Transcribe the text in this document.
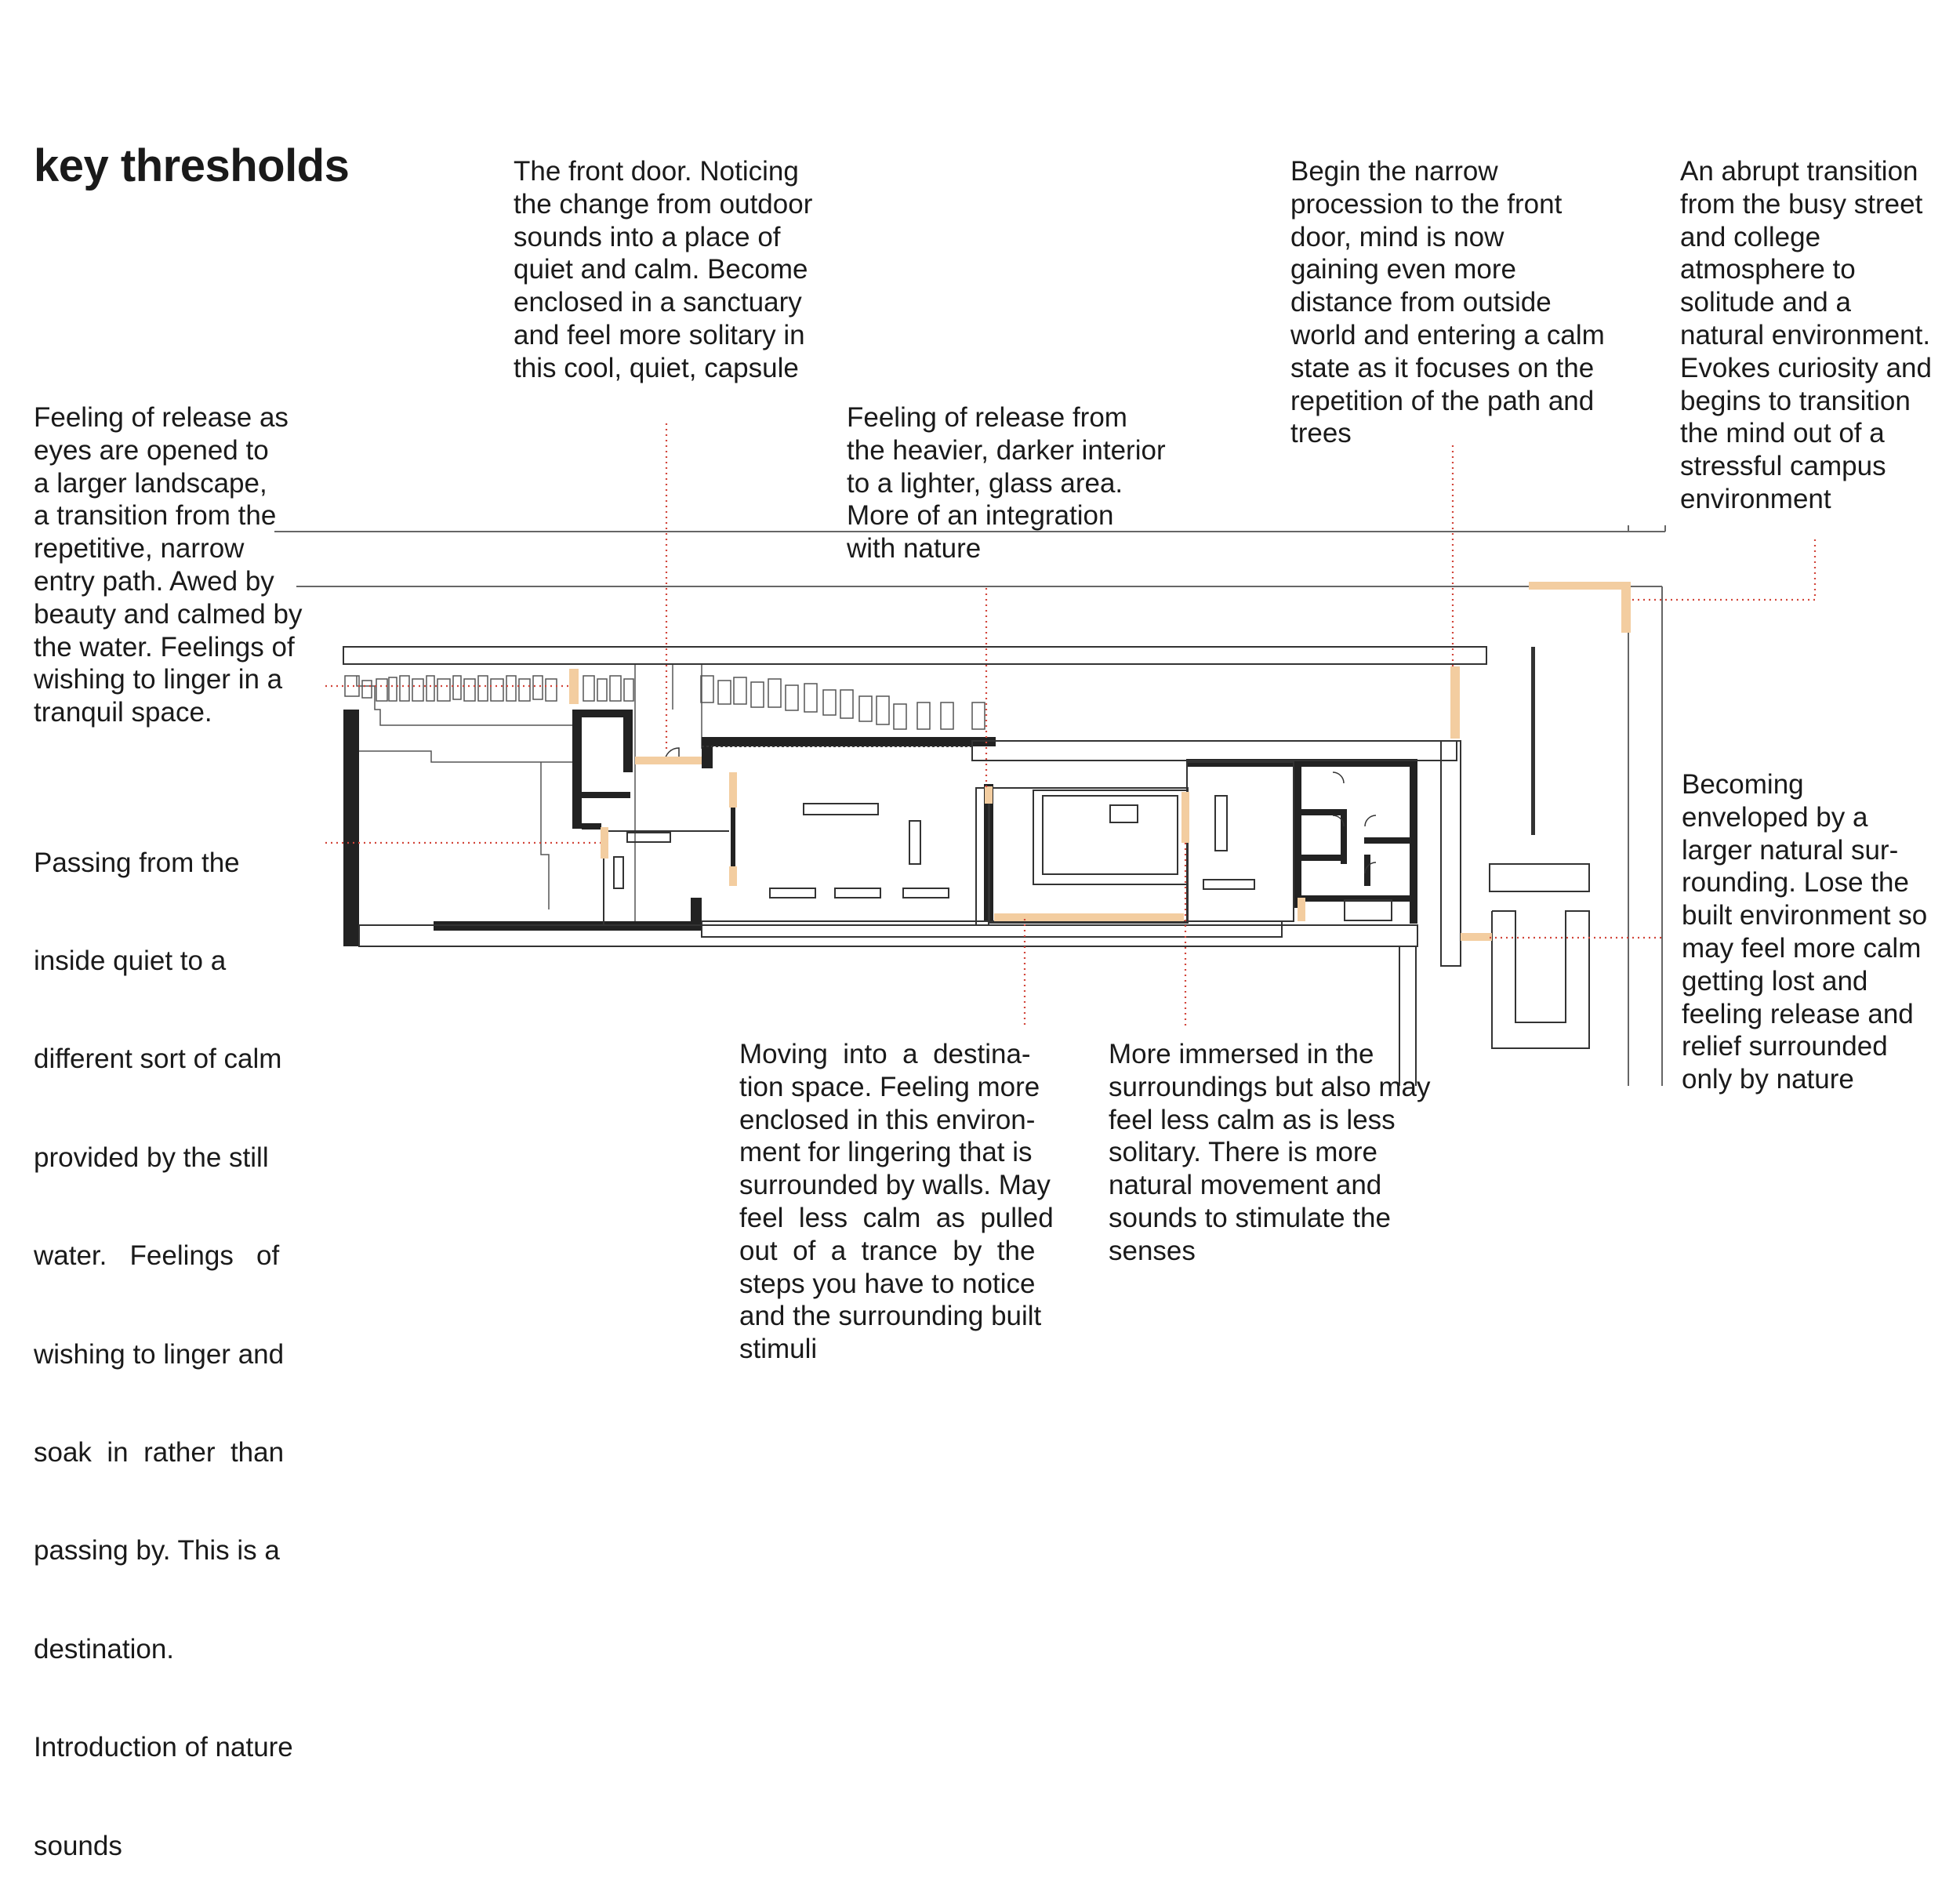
key thresholds	The front door. Noticing
the change from outdoor
sounds into a place of
quiet and calm. Become
enclosed in a sanctuary
and feel more solitary in
this cool, quiet, capsule
Begin the narrow
procession to the front
door, mind is now
gaining even more
distance from outside
world and entering a calm
state as it focuses on the
repetition of the path and
trees
An abrupt transition
from the busy street
and college
atmosphere to
solitude and a
natural environment.
Evokes curiosity and
begins to transition
the mind out of a
stressful campus
environment
Feeling of release as
eyes are opened to
a larger landscape,
a transition from the
repetitive, narrow
entry path. Awed by
beauty and calmed by
the water. Feelings of
wishing to linger in a
tranquil space.
Feeling of release from
the heavier, darker interior
to a lighter, glass area.
More of an integration
with nature

Passing from the

inside quiet to a

different sort of calm

provided by the still

water.   Feelings   of

wishing to linger and

soak  in  rather  than

passing by. This is a

destination.

Introduction of nature

sounds

Moving  into  a  destina-
tion space. Feeling more
enclosed in this environ-
ment for lingering that is
surrounded by walls. May
feel  less  calm  as  pulled
out  of  a  trance  by  the
steps you have to notice
and the surrounding built
stimuli
More immersed in the
surroundings but also may
feel less calm as is less
solitary. There is more
natural movement and
sounds to stimulate the
senses
Becoming
enveloped by a
larger natural sur-
rounding. Lose the
built environment so
may feel more calm
getting lost and
feeling release and
relief surrounded
only by nature
